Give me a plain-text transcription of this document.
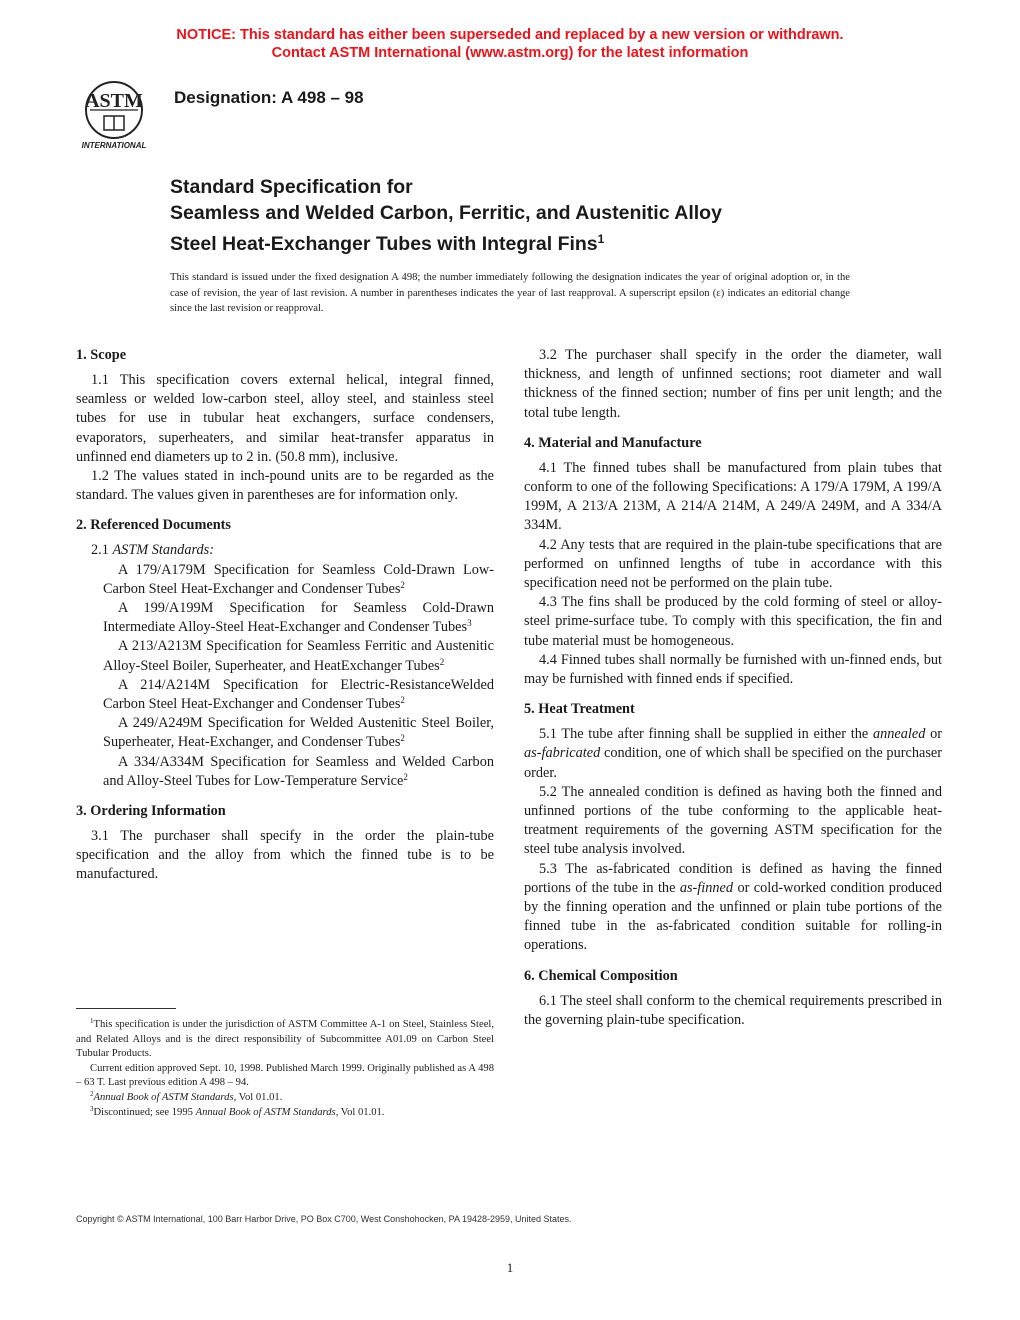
NOTICE: This standard has either been superseded and replaced by a new version or withdrawn.
Contact ASTM International (www.astm.org) for the latest information
ASTM
INTERNATIONAL
Designation: A 498 – 98
Standard Specification for
Seamless and Welded Carbon, Ferritic, and Austenitic Alloy
Steel Heat-Exchanger Tubes with Integral Fins$^1$
This standard is issued under the fixed designation A 498; the number immediately following the designation indicates the year of original adoption or, in the case of revision, the year of last revision. A number in parentheses indicates the year of last reapproval. A superscript epsilon (ε) indicates an editorial change since the last revision or reapproval.
1. Scope

1.1 This specification covers external helical, integral finned, seamless or welded low-carbon steel, alloy steel, and stainless steel tubes for use in tubular heat exchangers, surface condensers, evaporators, superheaters, and similar heat-transfer apparatus in unfinned end diameters up to 2 in. (50.8 mm), inclusive.

1.2 The values stated in inch-pound units are to be regarded as the standard. The values given in parentheses are for information only.

2. Referenced Documents

2.1 ASTM Standards:

A 179/A179M Specification for Seamless Cold-Drawn Low-Carbon Steel Heat-Exchanger and Condenser Tubes$^2$

A 199/A199M Specification for Seamless Cold-Drawn Intermediate Alloy-Steel Heat-Exchanger and Condenser Tubes$^3$

A 213/A213M Specification for Seamless Ferritic and Austenitic Alloy-Steel Boiler, Superheater, and HeatExchanger Tubes$^2$

A 214/A214M Specification for Electric-ResistanceWelded Carbon Steel Heat-Exchanger and Condenser Tubes$^2$

A 249/A249M Specification for Welded Austenitic Steel Boiler, Superheater, Heat-Exchanger, and Condenser Tubes$^2$

A 334/A334M Specification for Seamless and Welded Carbon and Alloy-Steel Tubes for Low-Temperature Service$^2$

3. Ordering Information

3.1 The purchaser shall specify in the order the plain-tube specification and the alloy from which the finned tube is to be manufactured.

3.2 The purchaser shall specify in the order the diameter, wall thickness, and length of unfinned sections; root diameter and wall thickness of the finned section; number of fins per unit length; and the total tube length.

4. Material and Manufacture

4.1 The finned tubes shall be manufactured from plain tubes that conform to one of the following Specifications: A 179/A 179M, A 199/A 199M, A 213/A 213M, A 214/A 214M, A 249/A 249M, and A 334/A 334M.

4.2 Any tests that are required in the plain-tube specifications that are performed on unfinned lengths of tube in accordance with this specification need not be performed on the plain tube.

4.3 The fins shall be produced by the cold forming of steel or alloy-steel prime-surface tube. To comply with this specification, the fin and tube material must be homogeneous.

4.4 Finned tubes shall normally be furnished with un-finned ends, but may be furnished with finned ends if specified.

5. Heat Treatment

5.1 The tube after finning shall be supplied in either the annealed or as-fabricated condition, one of which shall be specified on the purchaser order.

5.2 The annealed condition is defined as having both the finned and unfinned portions of the tube conforming to the applicable heat-treatment requirements of the governing ASTM specification for the steel tube analysis involved.

5.3 The as-fabricated condition is defined as having the finned portions of the tube in the as-finned or cold-worked condition produced by the finning operation and the unfinned or plain tube portions of the finned tube in the as-fabricated condition suitable for rolling-in operations.

6. Chemical Composition

6.1 The steel shall conform to the chemical requirements prescribed in the governing plain-tube specification.

$^1$This specification is under the jurisdiction of ASTM Committee A-1 on Steel, Stainless Steel, and Related Alloys and is the direct responsibility of Subcommittee A01.09 on Carbon Steel Tubular Products.

Current edition approved Sept. 10, 1998. Published March 1999. Originally published as A 498 – 63 T. Last previous edition A 498 – 94.

$^2$Annual Book of ASTM Standards, Vol 01.01.

$^3$Discontinued; see 1995 Annual Book of ASTM Standards, Vol 01.01.

Copyright © ASTM International, 100 Barr Harbor Drive, PO Box C700, West Conshohocken, PA 19428-2959, United States.
1
